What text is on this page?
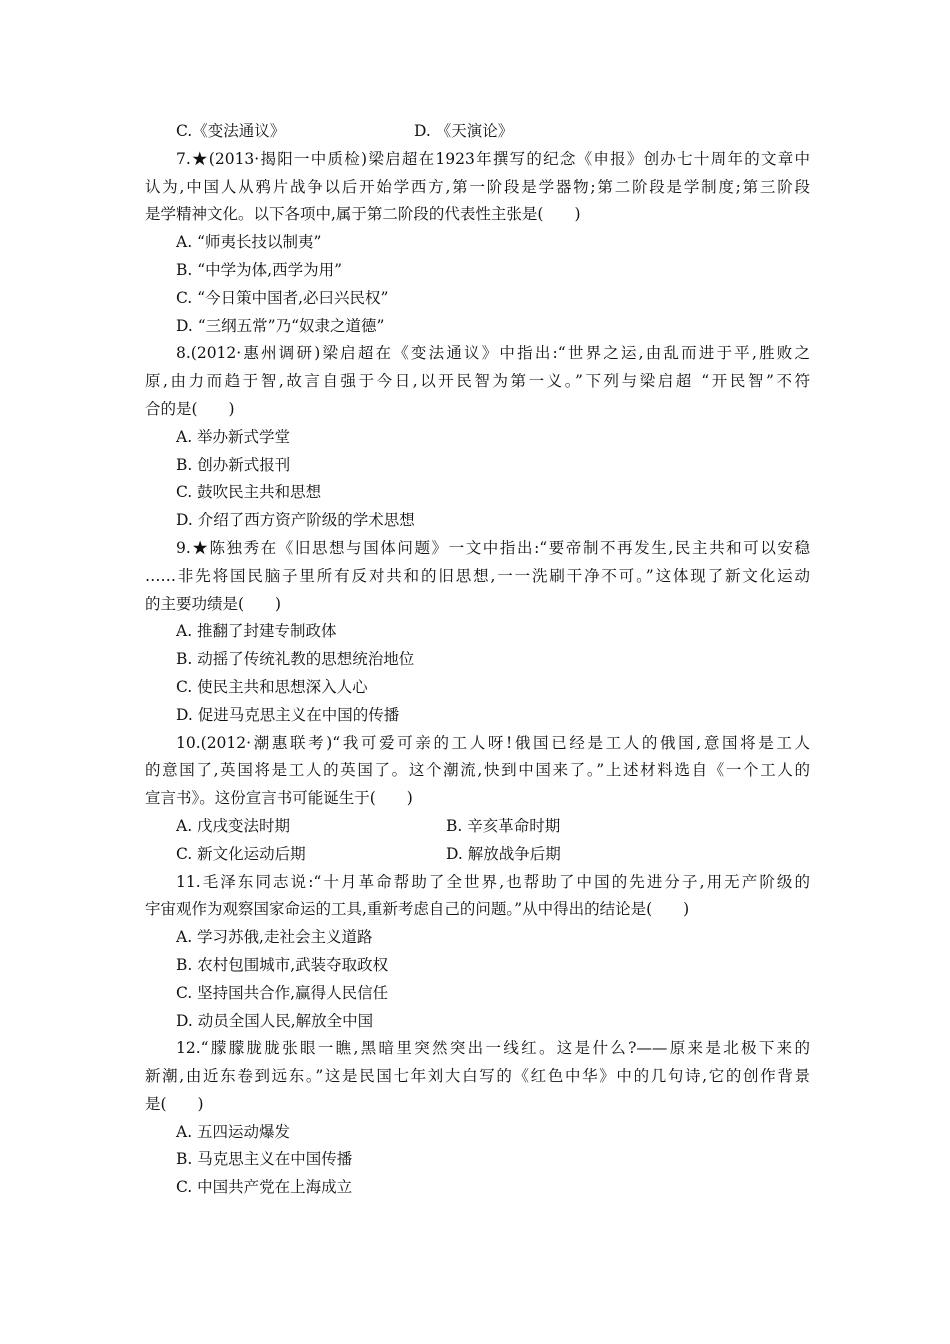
C.《变法通议》	D. 《天演论》
7.★(2013·揭阳一中质检)梁启超在1923年撰写的纪念《申报》创办七十周年的文章中
认为,中国人从鸦片战争以后开始学西方,第一阶段是学器物;第二阶段是学制度;第三阶段
是学精神文化。以下各项中,属于第二阶段的代表性主张是(　　)
A. “师夷长技以制夷”
B. “中学为体,西学为用”
C. “今日策中国者,必曰兴民权”
D. “三纲五常”乃“奴隶之道德”
8.(2012·惠州调研)梁启超在《变法通议》中指出:“世界之运,由乱而进于平,胜败之
原,由力而趋于智,故言自强于今日,以开民智为第一义。”下列与梁启超 “开民智”不符
合的是(　　)
A. 举办新式学堂
B. 创办新式报刊
C. 鼓吹民主共和思想
D. 介绍了西方资产阶级的学术思想
9.★陈独秀在《旧思想与国体问题》一文中指出:“要帝制不再发生,民主共和可以安稳
……非先将国民脑子里所有反对共和的旧思想,一一洗刷干净不可。”这体现了新文化运动
的主要功绩是(　　)
A. 推翻了封建专制政体
B. 动摇了传统礼教的思想统治地位
C. 使民主共和思想深入人心
D. 促进马克思主义在中国的传播
10.(2012·潮惠联考)“我可爱可亲的工人呀!俄国已经是工人的俄国,意国将是工人
的意国了,英国将是工人的英国了。这个潮流,快到中国来了。”上述材料选自《一个工人的
宣言书》。这份宣言书可能诞生于(　　)
A. 戊戌变法时期	B. 辛亥革命时期
C. 新文化运动后期	D. 解放战争后期
11.毛泽东同志说:“十月革命帮助了全世界,也帮助了中国的先进分子,用无产阶级的
宇宙观作为观察国家命运的工具,重新考虑自己的问题。”从中得出的结论是(　　)
A. 学习苏俄,走社会主义道路
B. 农村包围城市,武装夺取政权
C. 坚持国共合作,赢得人民信任
D. 动员全国人民,解放全中国
12.“朦朦胧胧张眼一瞧,黑暗里突然突出一线红。这是什么?——原来是北极下来的
新潮,由近东卷到远东。”这是民国七年刘大白写的《红色中华》中的几句诗,它的创作背景
是(　　)
A. 五四运动爆发
B. 马克思主义在中国传播
C. 中国共产党在上海成立
